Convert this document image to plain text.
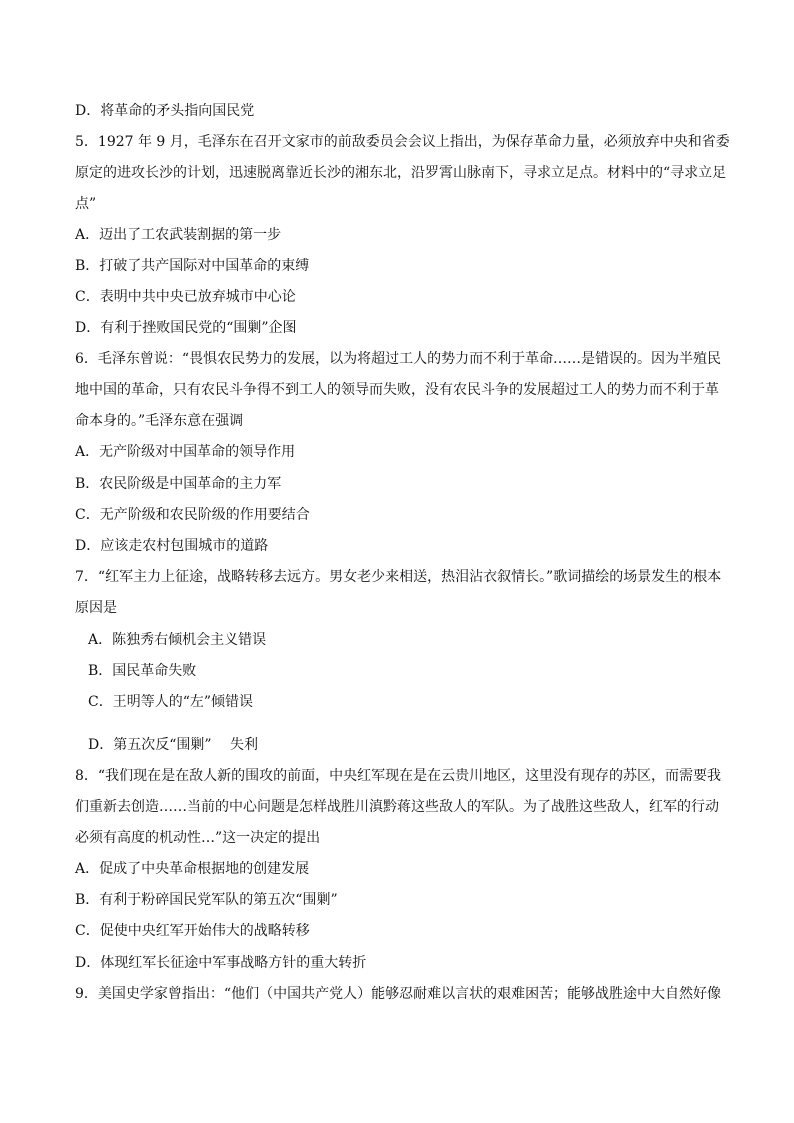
D．将革命的矛头指向国民党
5．1927 年 9 月，毛泽东在召开文家市的前敌委员会会议上指出，为保存革命力量，必须放弃中央和省委
原定的进攻长沙的计划，迅速脱离靠近长沙的湘东北，沿罗霄山脉南下，寻求立足点。材料中的“寻求立足
点”
A．迈出了工农武装割据的第一步
B．打破了共产国际对中国革命的束缚
C．表明中共中央已放弃城市中心论
D．有利于挫败国民党的“围剿”企图
6．毛泽东曾说：“畏惧农民势力的发展，以为将超过工人的势力而不利于革命……是错误的。因为半殖民
地中国的革命，只有农民斗争得不到工人的领导而失败，没有农民斗争的发展超过工人的势力而不利于革
命本身的。”毛泽东意在强调
A．无产阶级对中国革命的领导作用
B．农民阶级是中国革命的主力军
C．无产阶级和农民阶级的作用要结合
D．应该走农村包围城市的道路
7．“红军主力上征途，战略转移去远方。男女老少来相送，热泪沾衣叙情长。”歌词描绘的场景发生的根本
原因是
A．陈独秀右倾机会主义错误
B．国民革命失败
C．王明等人的“左”倾错误
D．第五次反“围剿”　 失利
8．“我们现在是在敌人新的围攻的前面，中央红军现在是在云贵川地区，这里没有现存的苏区，而需要我
们重新去创造……当前的中心问题是怎样战胜川滇黔蒋这些敌人的军队。为了战胜这些敌人，红军的行动
必须有高度的机动性…”这一决定的提出
A．促成了中央革命根据地的创建发展
B．有利于粉碎国民党军队的第五次“围剿”
C．促使中央红军开始伟大的战略转移
D．体现红军长征途中军事战略方针的重大转折
9．美国史学家曾指出：“他们（中国共产党人）能够忍耐难以言状的艰难困苦；能够战胜途中大自然好像
